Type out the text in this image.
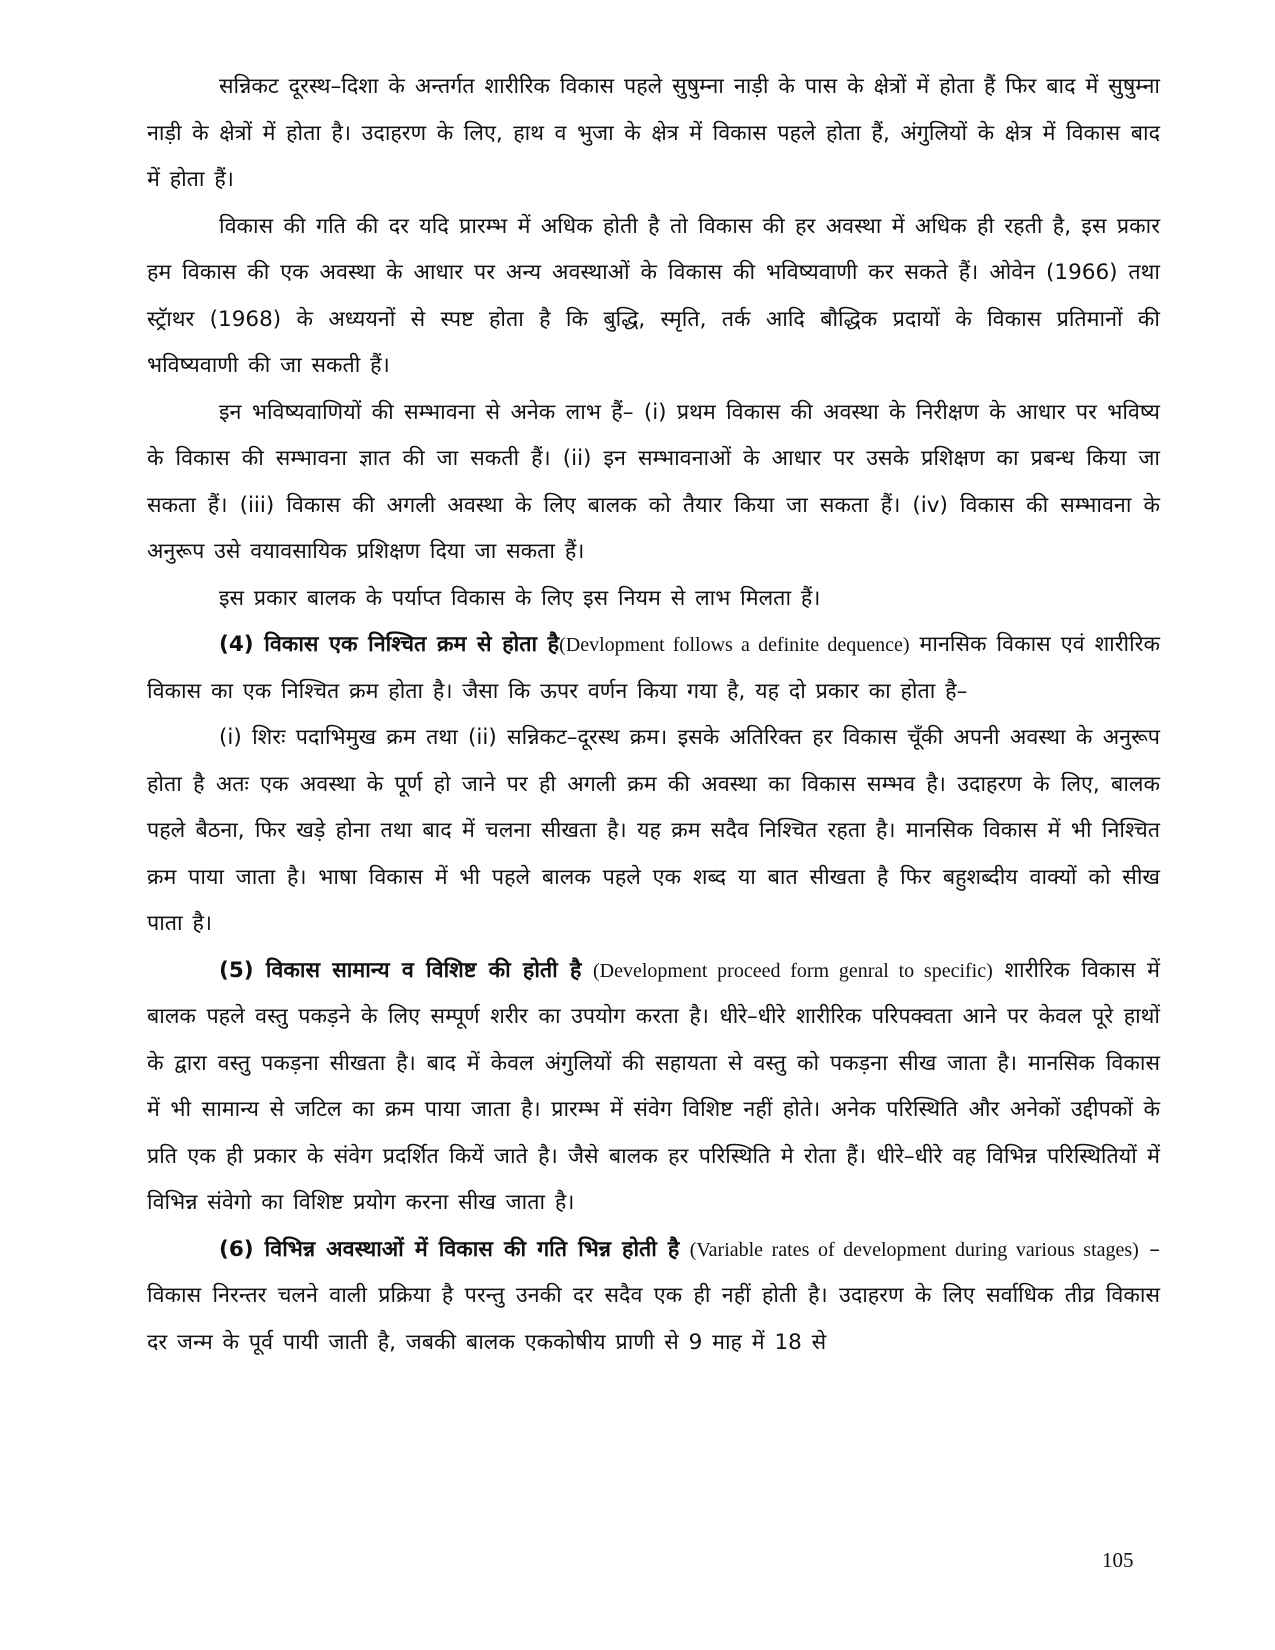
सन्निकट दूरस्थ–दिशा के अन्तर्गत शारीरिक विकास पहले सुषुम्ना नाड़ी के पास के क्षेत्रों में होता हैं फिर बाद में सुषुम्ना नाड़ी के क्षेत्रों में होता है। उदाहरण के लिए, हाथ व भुजा के क्षेत्र में विकास पहले होता हैं, अंगुलियों के क्षेत्र में विकास बाद में होता हैं।

विकास की गति की दर यदि प्रारम्भ में अधिक होती है तो विकास की हर अवस्था में अधिक ही रहती है, इस प्रकार हम विकास की एक अवस्था के आधार पर अन्य अवस्थाओं के विकास की भविष्यवाणी कर सकते हैं। ओवेन (1966) तथा स्ट्रॅाथर (1968) के अध्ययनों से स्पष्ट होता है कि बुद्धि, स्मृति, तर्क आदि बौद्धिक प्रदायों के विकास प्रतिमानों की भविष्यवाणी की जा सकती हैं।

इन भविष्यवाणियों की सम्भावना से अनेक लाभ हैं– (i) प्रथम विकास की अवस्था के निरीक्षण के आधार पर भविष्य के विकास की सम्भावना ज्ञात की जा सकती हैं। (ii) इन सम्भावनाओं के आधार पर उसके प्रशिक्षण का प्रबन्ध किया जा सकता हैं। (iii) विकास की अगली अवस्था के लिए बालक को तैयार किया जा सकता हैं। (iv) विकास की सम्भावना के अनुरूप उसे वयावसायिक प्रशिक्षण दिया जा सकता हैं।

इस प्रकार बालक के पर्याप्त विकास के लिए इस नियम से लाभ मिलता हैं।

(4) विकास एक निश्चित क्रम से होता है(Devlopment follows a definite dequence) मानसिक विकास एवं शारीरिक विकास का एक निश्चित क्रम होता है। जैसा कि ऊपर वर्णन किया गया है, यह दो प्रकार का होता है–

(i) शिरः पदाभिमुख क्रम तथा (ii) सन्निकट–दूरस्थ क्रम। इसके अतिरिक्त हर विकास चूँकी अपनी अवस्था के अनुरूप होता है अतः एक अवस्था के पूर्ण हो जाने पर ही अगली क्रम की अवस्था का विकास सम्भव है। उदाहरण के लिए, बालक पहले बैठना, फिर खड़े होना तथा बाद में चलना सीखता है। यह क्रम सदैव निश्चित रहता है। मानसिक विकास में भी निश्चित क्रम पाया जाता है। भाषा विकास में भी पहले बालक पहले एक शब्द या बात सीखता है फिर बहुशब्दीय वाक्यों को सीख पाता है।

(5) विकास सामान्य व विशिष्ट की होती है (Development proceed form genral to specific) शारीरिक विकास में बालक पहले वस्तु पकड़ने के लिए सम्पूर्ण शरीर का उपयोग करता है। धीरे–धीरे शारीरिक परिपक्वता आने पर केवल पूरे हाथों के द्वारा वस्तु पकड़ना सीखता है। बाद में केवल अंगुलियों की सहायता से वस्तु को पकड़ना सीख जाता है। मानसिक विकास में भी सामान्य से जटिल का क्रम पाया जाता है। प्रारम्भ में संवेग विशिष्ट नहीं होते। अनेक परिस्थिति और अनेकों उद्दीपकों के प्रति एक ही प्रकार के संवेग प्रदर्शित कियें जाते है। जैसे बालक हर परिस्थिति मे रोता हैं। धीरे–धीरे वह विभिन्न परिस्थितियों में विभिन्न संवेगो का विशिष्ट प्रयोग करना सीख जाता है।

(6) विभिन्न अवस्थाओं में विकास की गति भिन्न होती है (Variable rates of development during various stages) – विकास निरन्तर चलने वाली प्रक्रिया है परन्तु उनकी दर सदैव एक ही नहीं होती है। उदाहरण के लिए सर्वाधिक तीव्र विकास दर जन्म के पूर्व पायी जाती है, जबकी बालक एककोषीय प्राणी से 9 माह में 18 से

105
